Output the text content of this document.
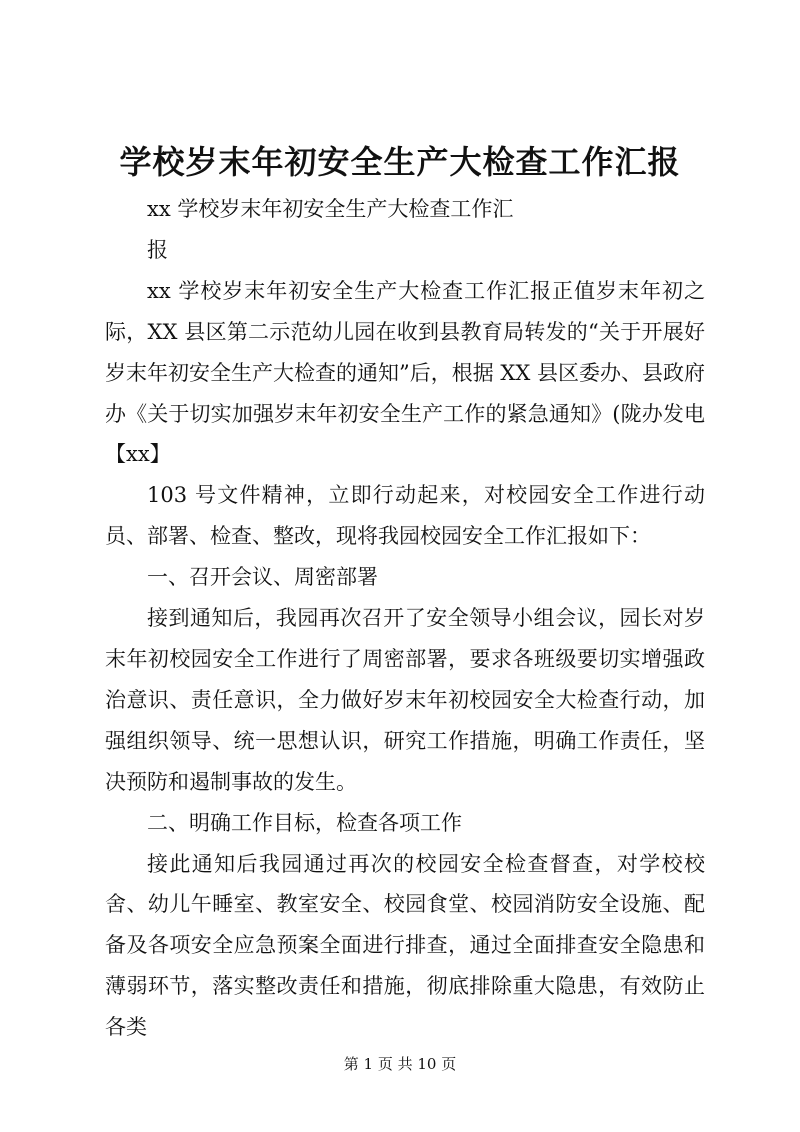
学校岁末年初安全生产大检查工作汇报

xx 学校岁末年初安全生产大检查工作汇

报

xx 学校岁末年初安全生产大检查工作汇报正值岁末年初之际，XX 县区第二示范幼儿园在收到县教育局转发的“关于开展好岁末年初安全生产大检查的通知”后，根据 XX 县区委办、县政府办《关于切实加强岁末年初安全生产工作的紧急通知》(陇办发电【xx】

103 号文件精神，立即行动起来，对校园安全工作进行动员、部署、检查、整改，现将我园校园安全工作汇报如下：

一、召开会议、周密部署

接到通知后，我园再次召开了安全领导小组会议，园长对岁末年初校园安全工作进行了周密部署，要求各班级要切实增强政治意识、责任意识，全力做好岁末年初校园安全大检查行动，加强组织领导、统一思想认识，研究工作措施，明确工作责任，坚决预防和遏制事故的发生。

二、明确工作目标，检查各项工作

接此通知后我园通过再次的校园安全检查督查，对学校校舍、幼儿午睡室、教室安全、校园食堂、校园消防安全设施、配备及各项安全应急预案全面进行排查，通过全面排查安全隐患和薄弱环节，落实整改责任和措施，彻底排除重大隐患，有效防止各类

第 1 页 共 10 页
